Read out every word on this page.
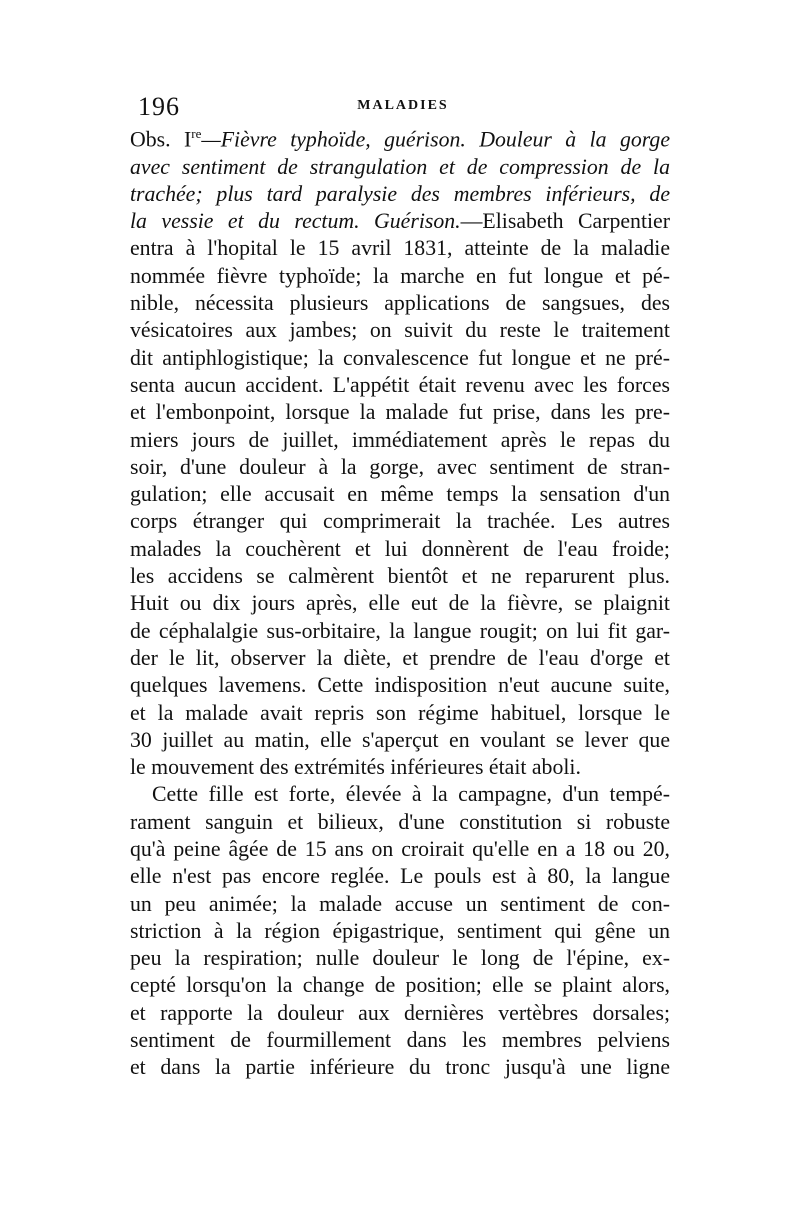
196	MALADIES
Obs. Ire—Fièvre typhoïde, guérison. Douleur à la gorge
avec sentiment de strangulation et de compression de la
trachée; plus tard paralysie des membres inférieurs, de
la vessie et du rectum. Guérison.—Elisabeth Carpentier
entra à l'hopital le 15 avril 1831, atteinte de la maladie
nommée fièvre typhoïde; la marche en fut longue et pé-
nible, nécessita plusieurs applications de sangsues, des
vésicatoires aux jambes; on suivit du reste le traitement
dit antiphlogistique; la convalescence fut longue et ne pré-
senta aucun accident. L'appétit était revenu avec les forces
et l'embonpoint, lorsque la malade fut prise, dans les pre-
miers jours de juillet, immédiatement après le repas du
soir, d'une douleur à la gorge, avec sentiment de stran-
gulation; elle accusait en même temps la sensation d'un
corps étranger qui comprimerait la trachée. Les autres
malades la couchèrent et lui donnèrent de l'eau froide;
les accidens se calmèrent bientôt et ne reparurent plus.
Huit ou dix jours après, elle eut de la fièvre, se plaignit
de céphalalgie sus-orbitaire, la langue rougit; on lui fit gar-
der le lit, observer la diète, et prendre de l'eau d'orge et
quelques lavemens. Cette indisposition n'eut aucune suite,
et la malade avait repris son régime habituel, lorsque le
30 juillet au matin, elle s'aperçut en voulant se lever que
le mouvement des extrémités inférieures était aboli.
Cette fille est forte, élevée à la campagne, d'un tempé-
rament sanguin et bilieux, d'une constitution si robuste
qu'à peine âgée de 15 ans on croirait qu'elle en a 18 ou 20,
elle n'est pas encore reglée. Le pouls est à 80, la langue
un peu animée; la malade accuse un sentiment de con-
striction à la région épigastrique, sentiment qui gêne un
peu la respiration; nulle douleur le long de l'épine, ex-
cepté lorsqu'on la change de position; elle se plaint alors,
et rapporte la douleur aux dernières vertèbres dorsales;
sentiment de fourmillement dans les membres pelviens
et dans la partie inférieure du tronc jusqu'à une ligne
